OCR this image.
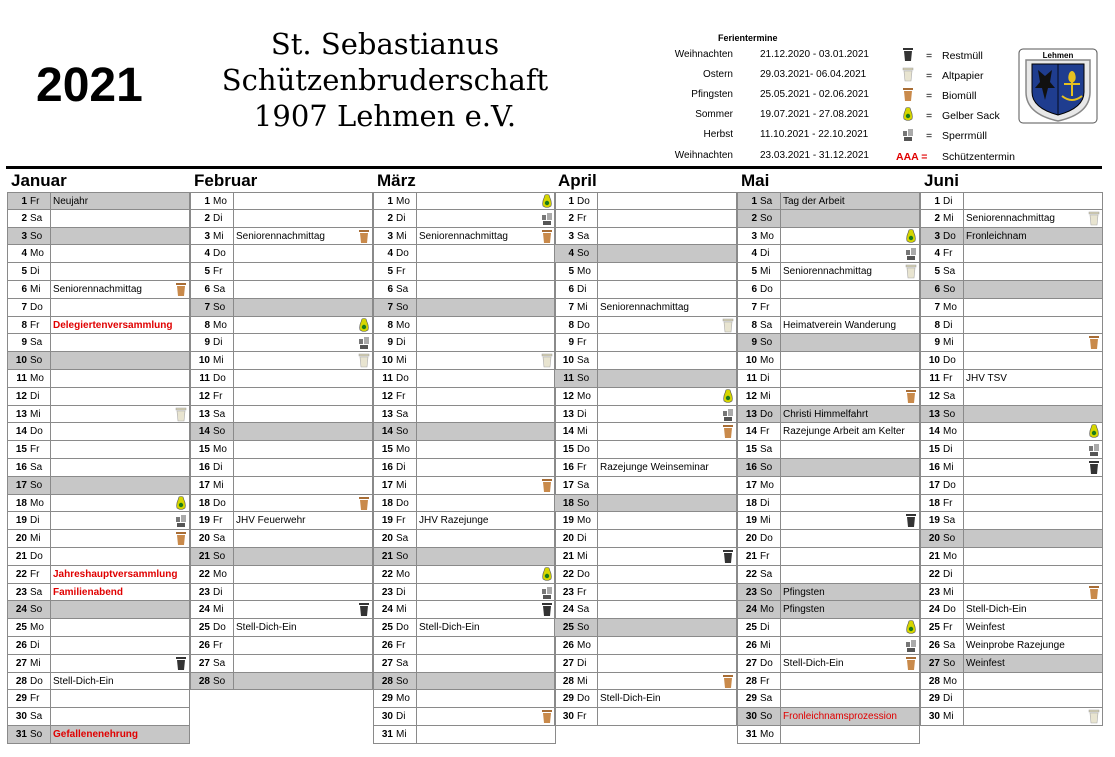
2021
St. Sebastianus
Schützenbruderschaft
1907 Lehmen e.V.
Ferientermine
Weihnachten	21.12.2020 - 03.01.2021
Ostern	29.03.2021- 06.04.2021
Pfingsten	25.05.2021 - 02.06.2021
Sommer	19.07.2021 - 27.08.2021
Herbst	11.10.2021 - 22.10.2021
Weihnachten	23.03.2021 - 31.12.2021
= Restmüll
= Altpapier
= Biomüll
= Gelber Sack
= Sperrmüll
AAA = Schützentermin
Lehmen
Januar
1 Fr	Neujahr
2 Sa
3 So
4 Mo
5 Di
6 Mi	Seniorennachmittag
7 Do
8 Fr	Delegiertenversammlung
9 Sa
10 So
11 Mo
12 Di
13 Mi
14 Do
15 Fr
16 Sa
17 So
18 Mo
19 Di
20 Mi
21 Do
22 Fr	Jahreshauptversammlung
23 Sa	Familienabend
24 So
25 Mo
26 Di
27 Mi
28 Do	Stell-Dich-Ein
29 Fr
30 Sa
31 So	Gefallenenehrung
Februar
1 Mo
2 Di
3 Mi	Seniorennachmittag
4 Do
5 Fr
6 Sa
7 So
8 Mo
9 Di
10 Mi
11 Do
12 Fr
13 Sa
14 So
15 Mo
16 Di
17 Mi
18 Do
19 Fr	JHV Feuerwehr
20 Sa
21 So
22 Mo
23 Di
24 Mi
25 Do	Stell-Dich-Ein
26 Fr
27 Sa
28 So
März
1 Mo
2 Di
3 Mi	Seniorennachmittag
4 Do
5 Fr
6 Sa
7 So
8 Mo
9 Di
10 Mi
11 Do
12 Fr
13 Sa
14 So
15 Mo
16 Di
17 Mi
18 Do
19 Fr	JHV Razejunge
20 Sa
21 So
22 Mo
23 Di
24 Mi
25 Do	Stell-Dich-Ein
26 Fr
27 Sa
28 So
29 Mo
30 Di
31 Mi
April
1 Do
2 Fr
3 Sa
4 So
5 Mo
6 Di
7 Mi	Seniorennachmittag
8 Do
9 Fr
10 Sa
11 So
12 Mo
13 Di
14 Mi
15 Do
16 Fr	Razejunge Weinseminar
17 Sa
18 So
19 Mo
20 Di
21 Mi
22 Do
23 Fr
24 Sa
25 So
26 Mo
27 Di
28 Mi
29 Do	Stell-Dich-Ein
30 Fr
Mai
1 Sa	Tag der Arbeit
2 So
3 Mo
4 Di
5 Mi	Seniorennachmittag
6 Do
7 Fr
8 Sa	Heimatverein Wanderung
9 So
10 Mo
11 Di
12 Mi
13 Do	Christi Himmelfahrt
14 Fr	Razejunge Arbeit am Kelter
15 Sa
16 So
17 Mo
18 Di
19 Mi
20 Do
21 Fr
22 Sa
23 So	Pfingsten
24 Mo Pfingsten
25 Di
26 Mi
27 Do	Stell-Dich-Ein
28 Fr
29 Sa
30 So	Fronleichnamsprozession
31 Mo
Juni
1 Di
2 Mi	Seniorennachmittag
3 Do	Fronleichnam
4 Fr
5 Sa
6 So
7 Mo
8 Di
9 Mi
10 Do
11 Fr	JHV TSV
12 Sa
13 So
14 Mo
15 Di
16 Mi
17 Do
18 Fr
19 Sa
20 So
21 Mo
22 Di
23 Mi
24 Do	Stell-Dich-Ein
25 Fr	Weinfest
26 Sa	Weinprobe Razejunge
27 So	Weinfest
28 Mo
29 Di
30 Mi
